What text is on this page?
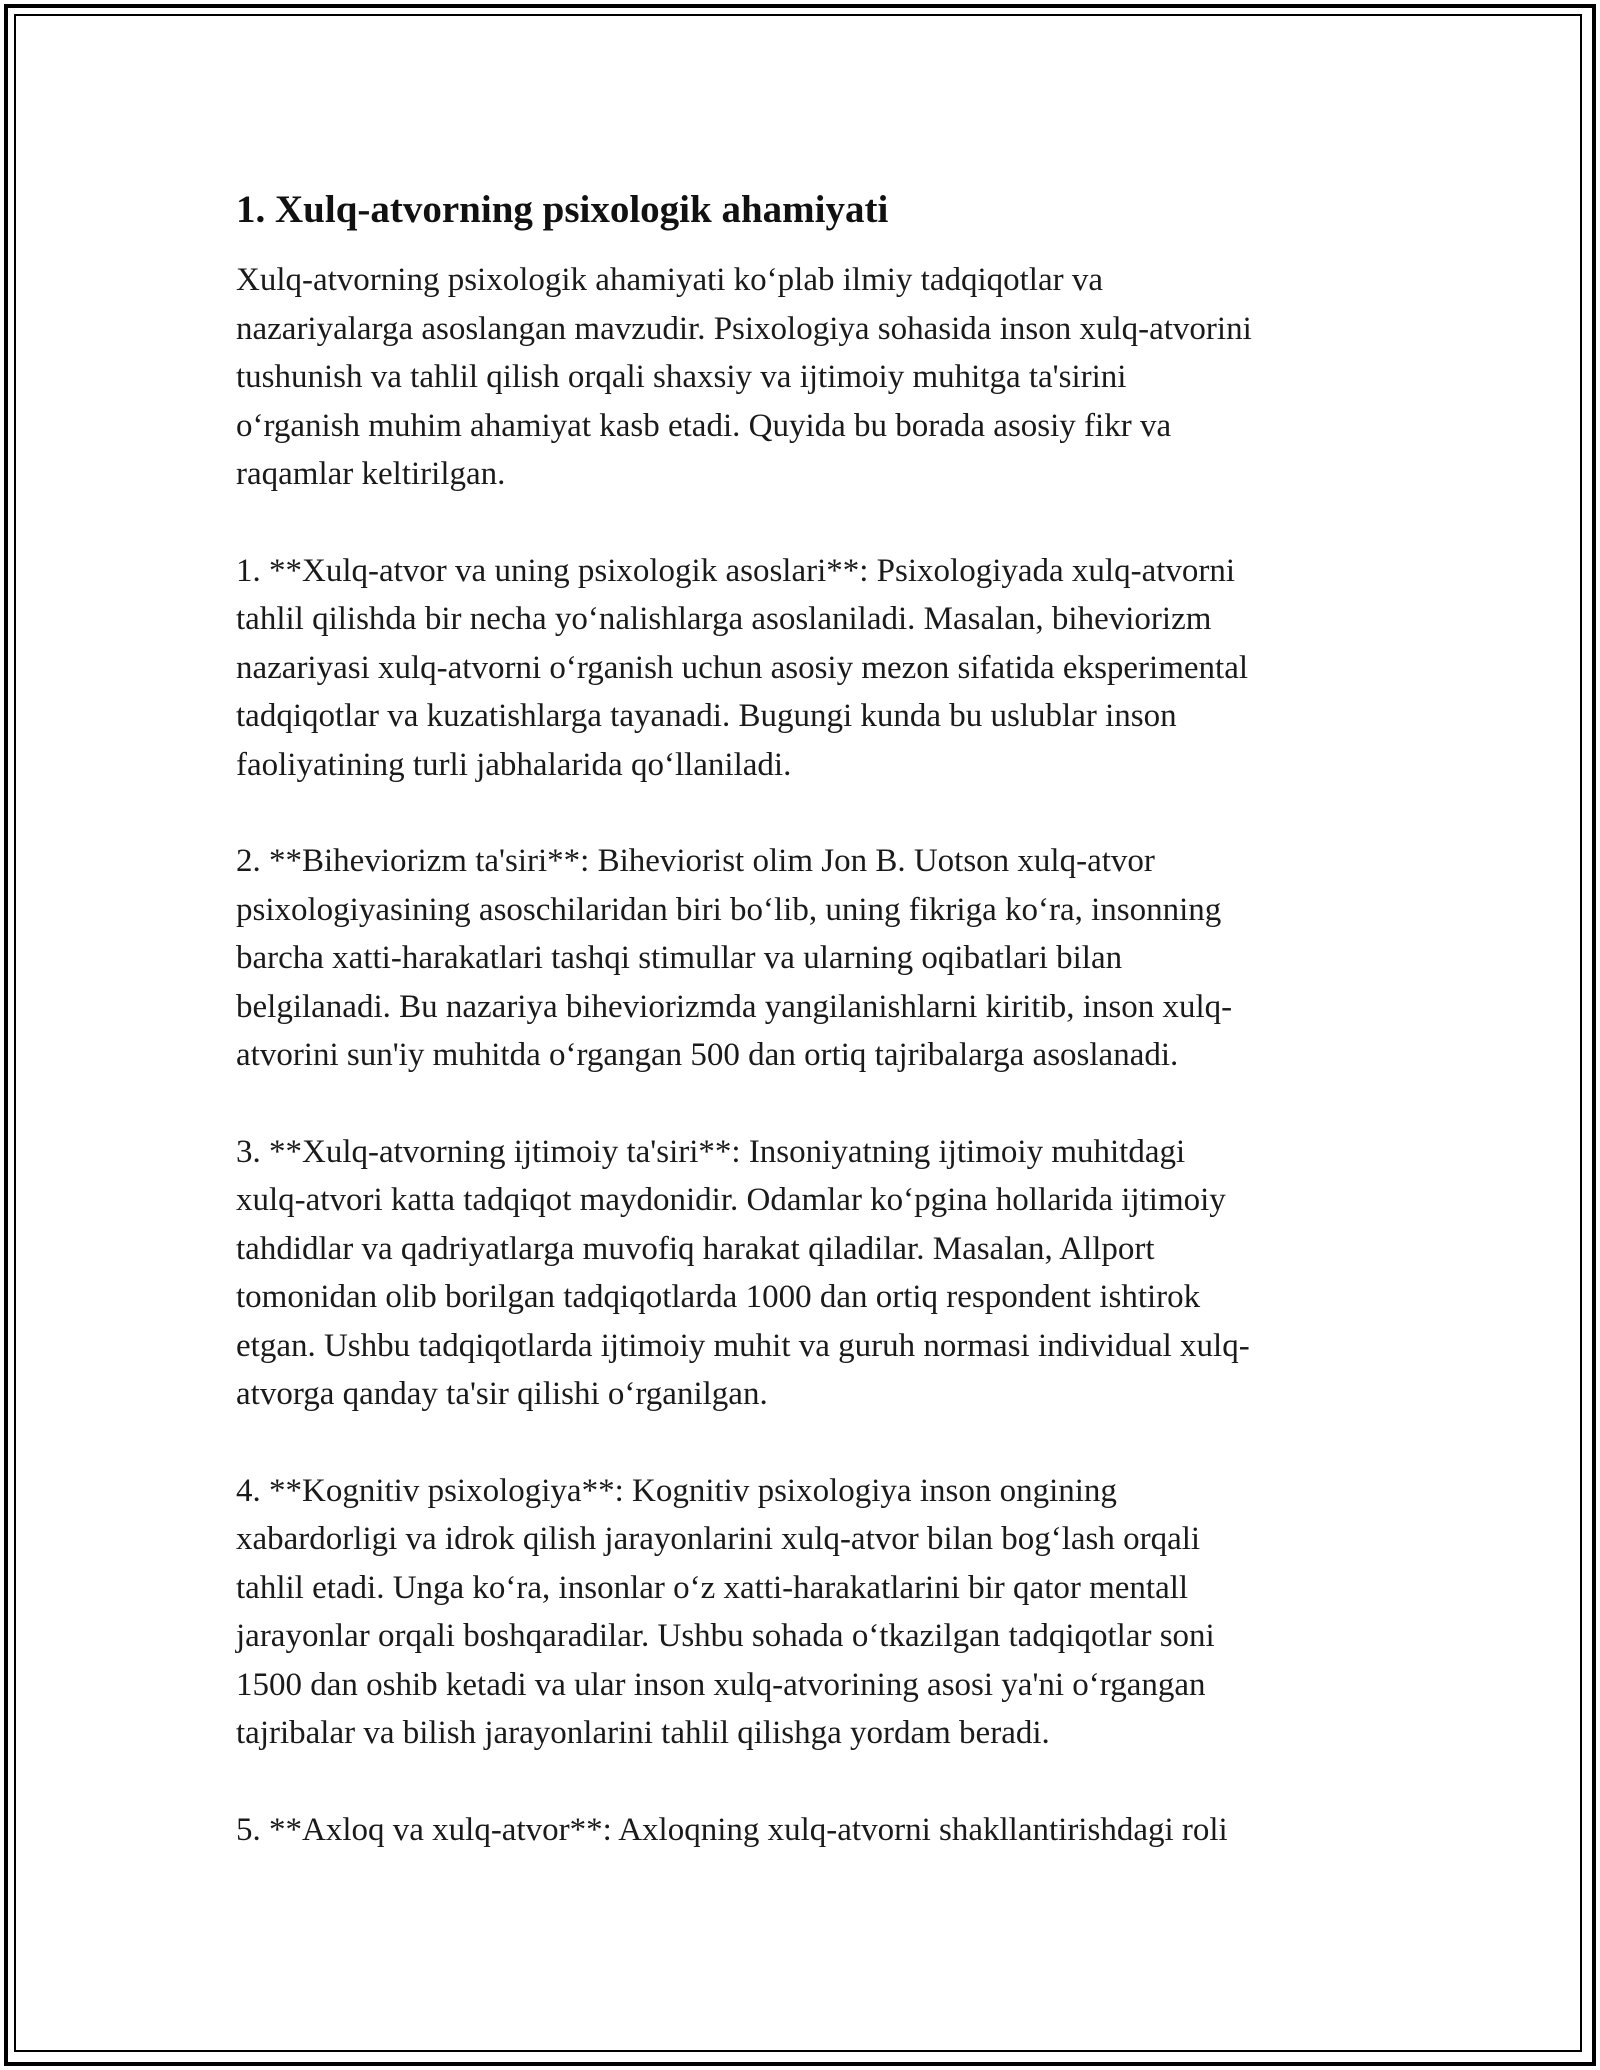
1. Xulq-atvorning psixologik ahamiyati
Xulq-atvorning psixologik ahamiyati ko‘plab ilmiy tadqiqotlar va
nazariyalarga asoslangan mavzudir. Psixologiya sohasida inson xulq-atvorini
tushunish va tahlil qilish orqali shaxsiy va ijtimoiy muhitga ta'sirini
o‘rganish muhim ahamiyat kasb etadi. Quyida bu borada asosiy fikr va
raqamlar keltirilgan.
1. **Xulq-atvor va uning psixologik asoslari**: Psixologiyada xulq-atvorni
tahlil qilishda bir necha yo‘nalishlarga asoslaniladi. Masalan, biheviorizm
nazariyasi xulq-atvorni o‘rganish uchun asosiy mezon sifatida eksperimental
tadqiqotlar va kuzatishlarga tayanadi. Bugungi kunda bu uslublar inson
faoliyatining turli jabhalarida qo‘llaniladi.
2. **Biheviorizm ta'siri**: Biheviorist olim Jon B. Uotson xulq-atvor
psixologiyasining asoschilaridan biri bo‘lib, uning fikriga ko‘ra, insonning
barcha xatti-harakatlari tashqi stimullar va ularning oqibatlari bilan
belgilanadi. Bu nazariya biheviorizmda yangilanishlarni kiritib, inson xulq-
atvorini sun'iy muhitda o‘rgangan 500 dan ortiq tajribalarga asoslanadi.
3. **Xulq-atvorning ijtimoiy ta'siri**: Insoniyatning ijtimoiy muhitdagi
xulq-atvori katta tadqiqot maydonidir. Odamlar ko‘pgina hollarida ijtimoiy
tahdidlar va qadriyatlarga muvofiq harakat qiladilar. Masalan, Allport
tomonidan olib borilgan tadqiqotlarda 1000 dan ortiq respondent ishtirok
etgan. Ushbu tadqiqotlarda ijtimoiy muhit va guruh normasi individual xulq-
atvorga qanday ta'sir qilishi o‘rganilgan.
4. **Kognitiv psixologiya**: Kognitiv psixologiya inson ongining
xabardorligi va idrok qilish jarayonlarini xulq-atvor bilan bog‘lash orqali
tahlil etadi. Unga ko‘ra, insonlar o‘z xatti-harakatlarini bir qator mentall
jarayonlar orqali boshqaradilar. Ushbu sohada o‘tkazilgan tadqiqotlar soni
1500 dan oshib ketadi va ular inson xulq-atvorining asosi ya'ni o‘rgangan
tajribalar va bilish jarayonlarini tahlil qilishga yordam beradi.
5. **Axloq va xulq-atvor**: Axloqning xulq-atvorni shakllantirishdagi roli
